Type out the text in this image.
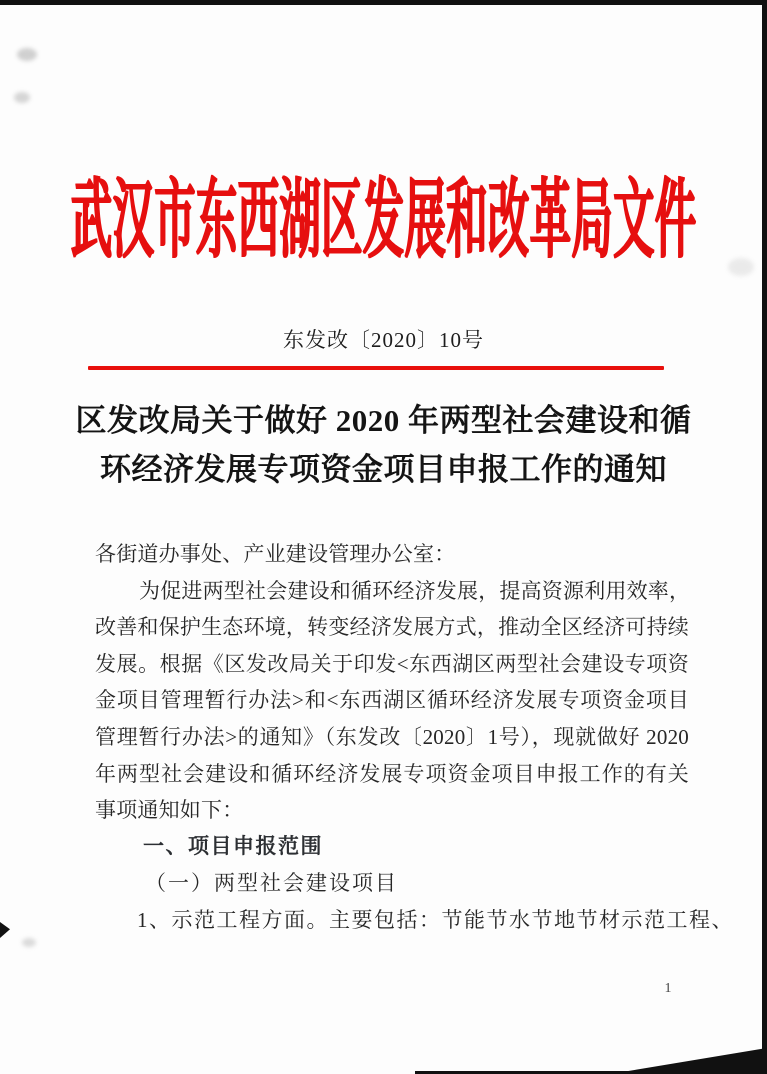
武汉市东西湖区发展和改革局文件
东发改〔2020〕10号
区发改局关于做好 2020 年两型社会建设和循
环经济发展专项资金项目申报工作的通知
各街道办事处、产业建设管理办公室：
为促进两型社会建设和循环经济发展，提高资源利用效率，
改善和保护生态环境，转变经济发展方式，推动全区经济可持续
发展。根据《区发改局关于印发<东西湖区两型社会建设专项资
金项目管理暂行办法>和<东西湖区循环经济发展专项资金项目
管理暂行办法>的通知》（东发改〔2020〕1号），现就做好 2020
年两型社会建设和循环经济发展专项资金项目申报工作的有关
事项通知如下：
一、项目申报范围
（一）两型社会建设项目
1、示范工程方面。主要包括：节能节水节地节材示范工程、
1
